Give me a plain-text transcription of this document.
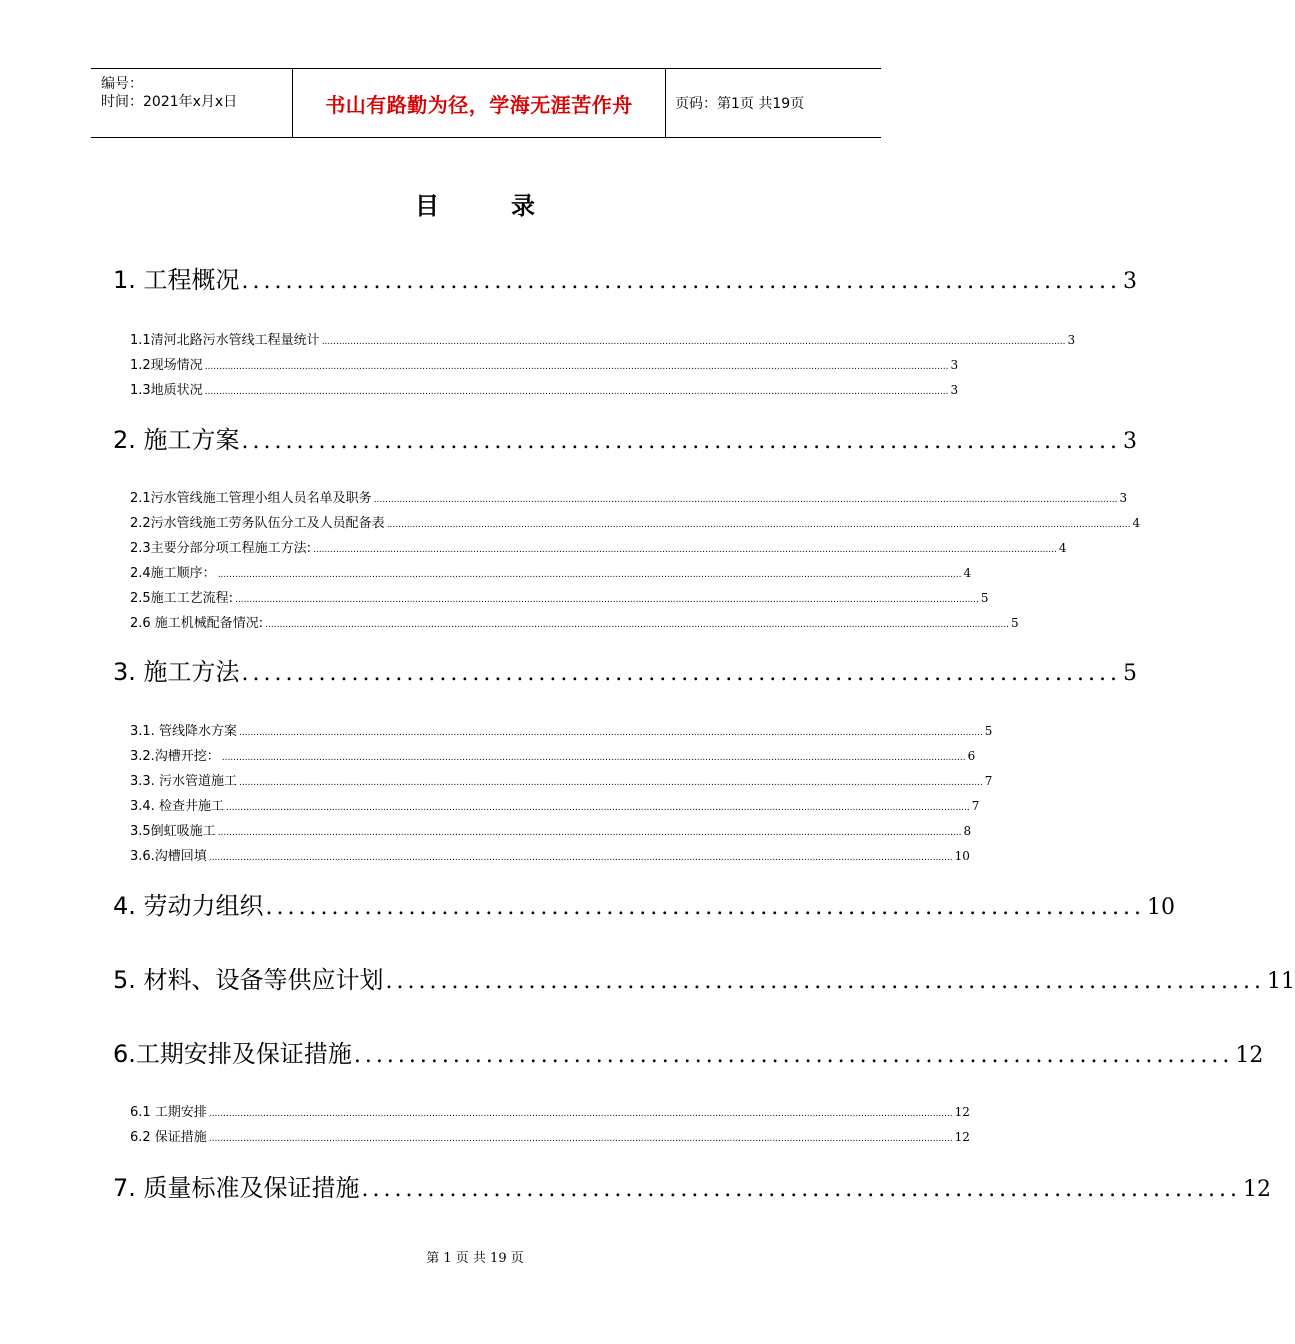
编号：
时间：2021年x月x日	书山有路勤为径，学海无涯苦作舟	页码：第1页 共19页
目	录
1. 工程概况 ................................................................................ 3
1.1清河北路污水管线工程量统计 .................................................................................................................................................................................................................................................................... 3
1.2现场情况 .................................................................................................................................................................................................................................................................... 3
1.3地质状况 .................................................................................................................................................................................................................................................................... 3
2. 施工方案 ................................................................................ 3
2.1污水管线施工管理小组人员名单及职务 .................................................................................................................................................................................................................................................................... 3
2.2污水管线施工劳务队伍分工及人员配备表 .................................................................................................................................................................................................................................................................... 4
2.3主要分部分项工程施工方法: .................................................................................................................................................................................................................................................................... 4
2.4施工顺序： .................................................................................................................................................................................................................................................................... 4
2.5施工工艺流程: .................................................................................................................................................................................................................................................................... 5
2.6 施工机械配备情况: .................................................................................................................................................................................................................................................................... 5
3. 施工方法 ................................................................................ 5
3.1. 管线降水方案 .................................................................................................................................................................................................................................................................... 5
3.2.沟槽开挖： .................................................................................................................................................................................................................................................................... 6
3.3. 污水管道施工 .................................................................................................................................................................................................................................................................... 7
3.4. 检查井施工 .................................................................................................................................................................................................................................................................... 7
3.5倒虹吸施工 .................................................................................................................................................................................................................................................................... 8
3.6.沟槽回填 .................................................................................................................................................................................................................................................................... 10
4. 劳动力组织 ................................................................................ 10
5. 材料、设备等供应计划 ................................................................................ 11
6.工期安排及保证措施 ................................................................................ 12
6.1 工期安排 .................................................................................................................................................................................................................................................................... 12
6.2 保证措施 .................................................................................................................................................................................................................................................................... 12
7. 质量标准及保证措施 ................................................................................ 12
第 1 页 共 19 页
